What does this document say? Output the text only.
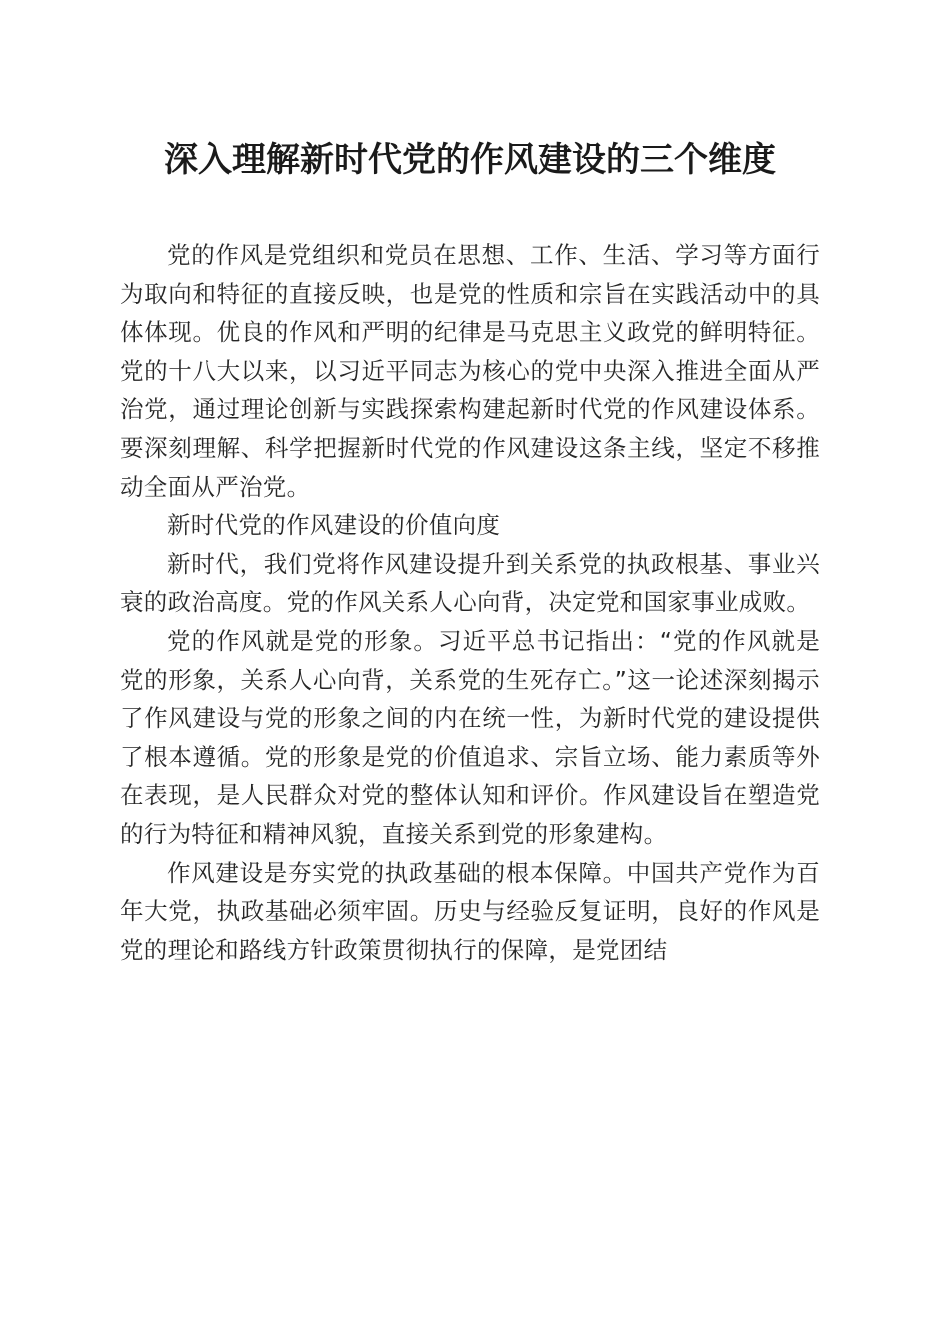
深入理解新时代党的作风建设的三个维度

党的作风是党组织和党员在思想、工作、生活、学习等方面行为取向和特征的直接反映，也是党的性质和宗旨在实践活动中的具体体现。优良的作风和严明的纪律是马克思主义政党的鲜明特征。党的十八大以来，以习近平同志为核心的党中央深入推进全面从严治党，通过理论创新与实践探索构建起新时代党的作风建设体系。要深刻理解、科学把握新时代党的作风建设这条主线，坚定不移推动全面从严治党。

新时代党的作风建设的价值向度

新时代，我们党将作风建设提升到关系党的执政根基、事业兴衰的政治高度。党的作风关系人心向背，决定党和国家事业成败。

党的作风就是党的形象。习近平总书记指出：“党的作风就是党的形象，关系人心向背，关系党的生死存亡。”这一论述深刻揭示了作风建设与党的形象之间的内在统一性，为新时代党的建设提供了根本遵循。党的形象是党的价值追求、宗旨立场、能力素质等外在表现，是人民群众对党的整体认知和评价。作风建设旨在塑造党的行为特征和精神风貌，直接关系到党的形象建构。

作风建设是夯实党的执政基础的根本保障。中国共产党作为百年大党，执政基础必须牢固。历史与经验反复证明，良好的作风是党的理论和路线方针政策贯彻执行的保障，是党团结
